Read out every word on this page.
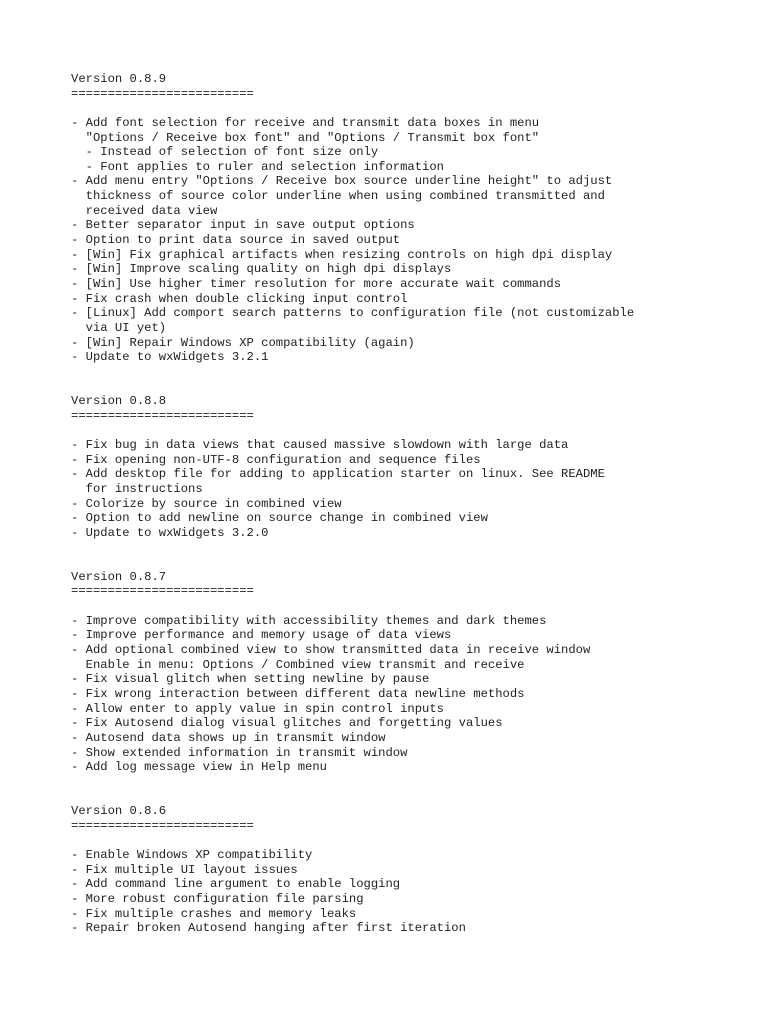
Version 0.8.9
=========================
- Add font selection for receive and transmit data boxes in menu
"Options / Receive box font" and "Options / Transmit box font"
- Instead of selection of font size only
- Font applies to ruler and selection information
- Add menu entry "Options / Receive box source underline height" to adjust
thickness of source color underline when using combined transmitted and
received data view
- Better separator input in save output options
- Option to print data source in saved output
- [Win] Fix graphical artifacts when resizing controls on high dpi display
- [Win] Improve scaling quality on high dpi displays
- [Win] Use higher timer resolution for more accurate wait commands
- Fix crash when double clicking input control
- [Linux] Add comport search patterns to configuration file (not customizable
via UI yet)
- [Win] Repair Windows XP compatibility (again)
- Update to wxWidgets 3.2.1
Version 0.8.8
=========================
- Fix bug in data views that caused massive slowdown with large data
- Fix opening non-UTF-8 configuration and sequence files
- Add desktop file for adding to application starter on linux. See README
for instructions
- Colorize by source in combined view
- Option to add newline on source change in combined view
- Update to wxWidgets 3.2.0
Version 0.8.7
=========================
- Improve compatibility with accessibility themes and dark themes
- Improve performance and memory usage of data views
- Add optional combined view to show transmitted data in receive window
Enable in menu: Options / Combined view transmit and receive
- Fix visual glitch when setting newline by pause
- Fix wrong interaction between different data newline methods
- Allow enter to apply value in spin control inputs
- Fix Autosend dialog visual glitches and forgetting values
- Autosend data shows up in transmit window
- Show extended information in transmit window
- Add log message view in Help menu
Version 0.8.6
=========================
- Enable Windows XP compatibility
- Fix multiple UI layout issues
- Add command line argument to enable logging
- More robust configuration file parsing
- Fix multiple crashes and memory leaks
- Repair broken Autosend hanging after first iteration
